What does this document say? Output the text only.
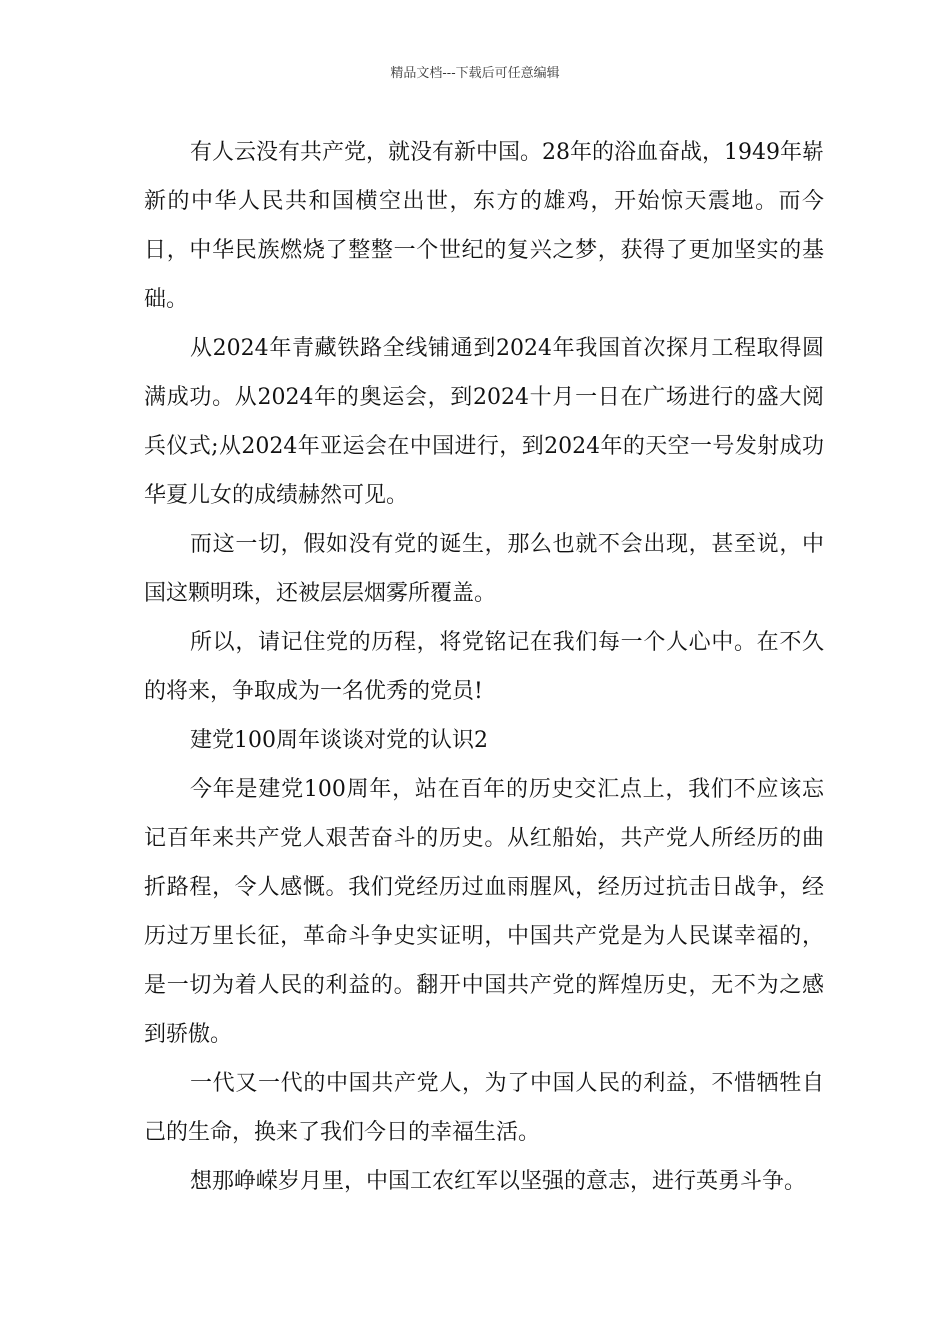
精品文档---下载后可任意编辑

有人云没有共产党，就没有新中国。28年的浴血奋战，1949年崭新的中华人民共和国横空出世，东方的雄鸡，开始惊天震地。而今日，中华民族燃烧了整整一个世纪的复兴之梦，获得了更加坚实的基础。

从2024年青藏铁路全线铺通到2024年我国首次探月工程取得圆满成功。从2024年的奥运会，到2024十月一日在广场进行的盛大阅兵仪式;从2024年亚运会在中国进行，到2024年的天空一号发射成功华夏儿女的成绩赫然可见。

而这一切，假如没有党的诞生，那么也就不会出现，甚至说，中国这颗明珠，还被层层烟雾所覆盖。

所以，请记住党的历程，将党铭记在我们每一个人心中。在不久的将来，争取成为一名优秀的党员!

建党100周年谈谈对党的认识2

今年是建党100周年，站在百年的历史交汇点上，我们不应该忘记百年来共产党人艰苦奋斗的历史。从红船始，共产党人所经历的曲折路程，令人感慨。我们党经历过血雨腥风，经历过抗击日战争，经历过万里长征，革命斗争史实证明，中国共产党是为人民谋幸福的，是一切为着人民的利益的。翻开中国共产党的辉煌历史，无不为之感到骄傲。

一代又一代的中国共产党人，为了中国人民的利益，不惜牺牲自己的生命，换来了我们今日的幸福生活。

想那峥嵘岁月里，中国工农红军以坚强的意志，进行英勇斗争。
